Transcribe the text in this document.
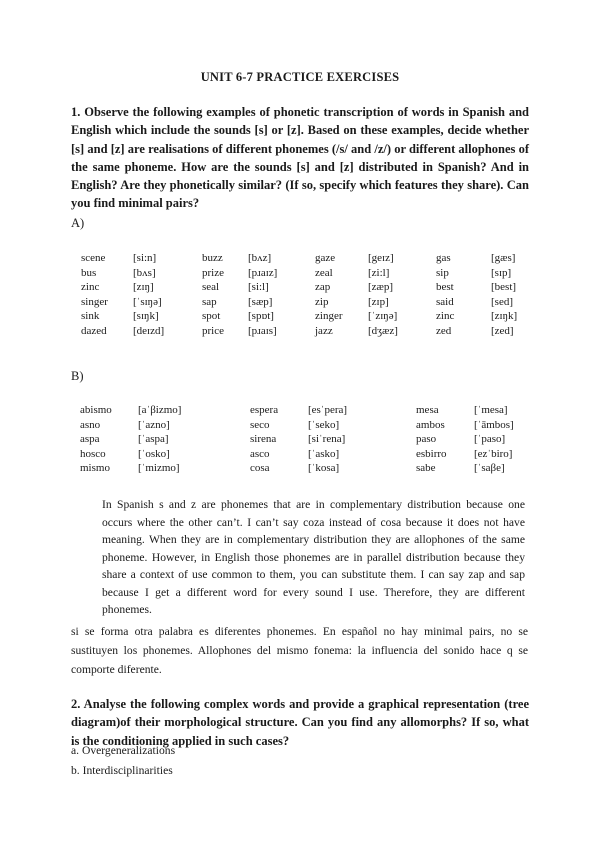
UNIT 6-7 PRACTICE EXERCISES
1. Observe the following examples of phonetic transcription of words in Spanish and English which include the sounds [s] or [z]. Based on these examples, decide whether [s] and [z] are realisations of different phonemes (/s/ and /z/) or different allophones of the same phoneme. How are the sounds [s] and [z] distributed in Spanish? And in English? Are they phonetically similar? (If so, specify which features they share). Can you find minimal pairs?
A)
scene	[si:n]	buzz	[bʌz]	gaze	[geɪz]	gas	[gæs]
bus	[bʌs]	prize	[pɹaɪz]	zeal	[zi:l]	sip	[sɪp]
zinc	[zɪŋ]	seal	[si:l]	zap	[zæp]	best	[best]
singer	[ˈsɪŋə]	sap	[sæp]	zip	[zɪp]	said	[sed]
sink	[sɪŋk]	spot	[spɒt]	zinger	[ˈzɪŋə]	zinc	[zɪŋk]
dazed	[deɪzd]	price	[pɹaɪs]	jazz	[dʒæz]	zed	[zed]
B)
abismo	[aˈβizmo]	espera	[esˈpera]	mesa	[ˈmesa]
asno	[ˈazno]	seco	[ˈseko]	ambos	[ˈāmbos]
aspa	[ˈaspa]	sirena	[siˈrena]	paso	[ˈpaso]
hosco	[ˈosko]	asco	[ˈasko]	esbirro	[ezˈbiro]
mismo	[ˈmizmo]	cosa	[ˈkosa]	sabe	[ˈsaβe]
In Spanish s and z are phonemes that are in complementary distribution because one occurs where the other can’t. I can’t say coza instead of cosa because it does not have meaning. When they are in complementary distribution they are allophones of the same phoneme. However, in English those phonemes are in parallel distribution because they share a context of use common to them, you can substitute them. I can say zap and sap because I get a different word for every sound I use. Therefore, they are different phonemes.
si se forma otra palabra es diferentes phonemes. En español no hay minimal pairs, no se sustituyen los phonemes. Allophones del mismo fonema: la influencia del sonido hace q se comporte diferente.
2. Analyse the following complex words and provide a graphical representation (tree diagram)of their morphological structure. Can you find any allomorphs? If so, what is the conditioning applied in such cases?
a. Overgeneralizations
b. Interdisciplinarities
